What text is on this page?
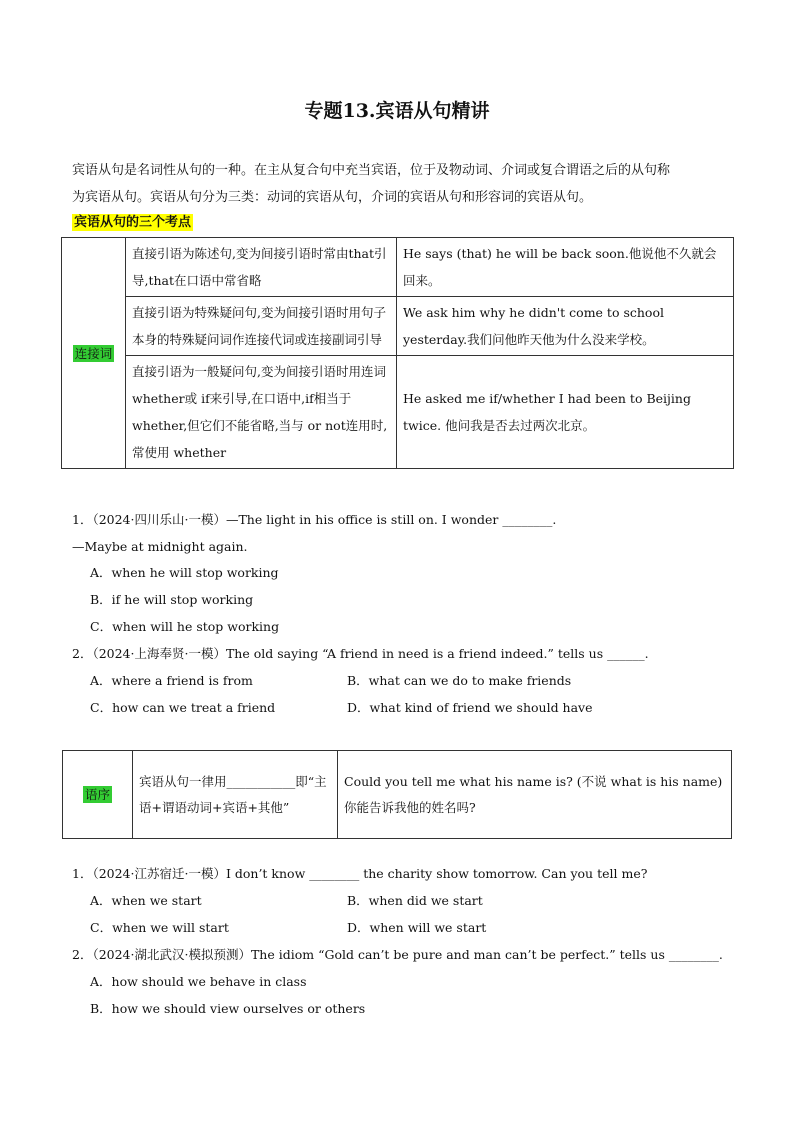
专题13.宾语从句精讲

宾语从句是名词性从句的一种。在主从复合句中充当宾语，位于及物动词、介词或复合谓语之后的从句称

为宾语从句。宾语从句分为三类：动词的宾语从句，介词的宾语从句和形容词的宾语从句。

宾语从句的三个考点
连接词	直接引语为陈述句,变为间接引语时常由that引导,that在口语中常省略	He says (that) he will be back soon.他说他不久就会回来。
	直接引语为特殊疑问句,变为间接引语时用句子本身的特殊疑问词作连接代词或连接副词引导	We ask him why he didn't come to school yesterday.我们问他昨天他为什么没来学校。
	直接引语为一般疑问句,变为间接引语时用连词 whether或 if来引导,在口语中,if相当于 whether,但它们不能省略,当与 or not连用时,常使用 whether	He asked me if/whether I had been to Beijing twice. 他问我是否去过两次北京。
1．（2024·四川乐山·一模）—The light in his office is still on. I wonder ________.
—Maybe at midnight again.
A．when he will stop working
B．if he will stop working
C．when will he stop working
2．（2024·上海奉贤·一模）The old saying “A friend in need is a friend indeed.” tells us ______.
A．where a friend is from	B．what can we do to make friends
C．how can we treat a friend	D．what kind of friend we should have
语序	宾语从句一律用___________即“主语+谓语动词+宾语+其他”	Could you tell me what his name is? (不说 what is his name)你能告诉我他的姓名吗?
1．（2024·江苏宿迁·一模）I don’t know ________ the charity show tomorrow. Can you tell me?
A．when we start	B．when did we start
C．when we will start	D．when will we start
2．（2024·湖北武汉·模拟预测）The idiom “Gold can’t be pure and man can’t be perfect.” tells us ________.
A．how should we behave in class
B．how we should view ourselves or others
